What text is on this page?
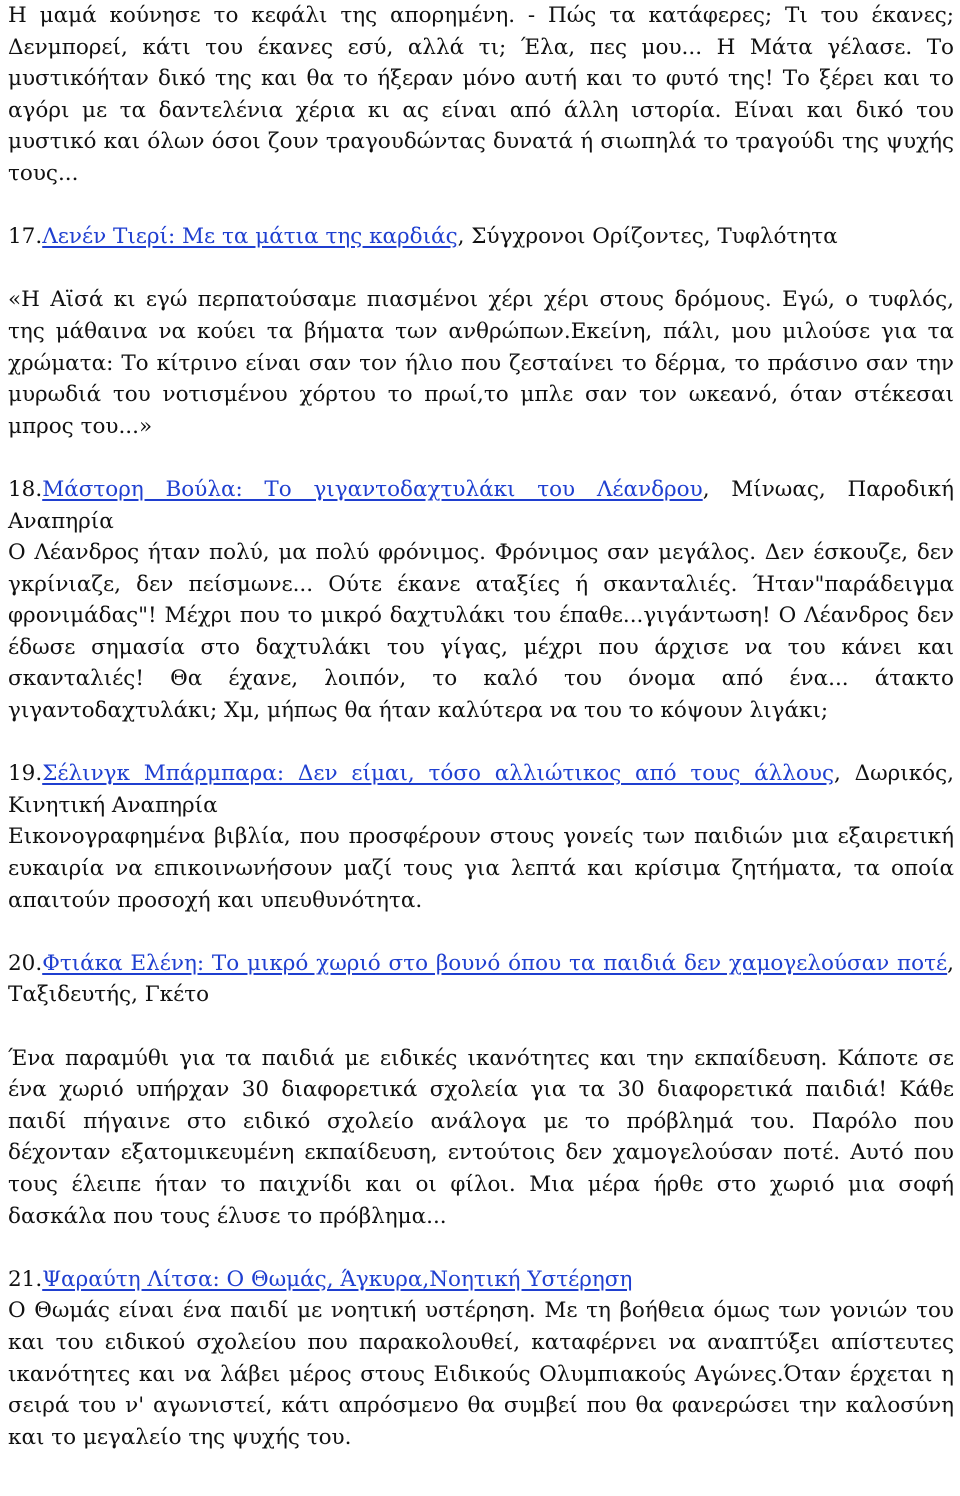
Η μαμά κούνησε το κεφάλι της απορημένη. - Πώς τα κατάφερες; Τι του έκανες; Δενμπορεί, κάτι του έκανες εσύ, αλλά τι; Έλα, πες μου... Η Μάτα γέλασε. Το μυστικόήταν δικό της και θα το ήξεραν μόνο αυτή και το φυτό της! Το ξέρει και το αγόρι με τα δαντελένια χέρια κι ας είναι από άλλη ιστορία. Είναι και δικό του μυστικό και όλων όσοι ζουν τραγουδώντας δυνατά ή σιωπηλά το τραγούδι της ψυχής τους...

17.Λενέν Τιερί: Με τα μάτια της καρδιάς, Σύγχρονοι Ορίζοντες, Τυφλότητα

«Η Αϊσά κι εγώ περπατούσαμε πιασμένοι χέρι χέρι στους δρόμους. Εγώ, ο τυφλός, της μάθαινα να κούει τα βήματα των ανθρώπων.Εκείνη, πάλι, μου μιλούσε για τα χρώματα: Το κίτρινο είναι σαν τον ήλιο που ζεσταίνει το δέρμα, το πράσινο σαν την μυρωδιά του νοτισμένου χόρτου το πρωί,το μπλε σαν τον ωκεανό, όταν στέκεσαι μπρος του...»

18.Μάστορη Βούλα: Το γιγαντοδαχτυλάκι του Λέανδρου, Μίνωας, Παροδική Αναπηρία

Ο Λέανδρος ήταν πολύ, μα πολύ φρόνιμος. Φρόνιμος σαν μεγάλος. Δεν έσκουζε, δεν γκρίνιαζε, δεν πείσμωνε... Ούτε έκανε αταξίες ή σκανταλιές. Ήταν"παράδειγμα φρονιμάδας"! Μέχρι που το μικρό δαχτυλάκι του έπαθε...γιγάντωση! Ο Λέανδρος δεν έδωσε σημασία στο δαχτυλάκι του γίγας, μέχρι που άρχισε να του κάνει και σκανταλιές! Θα έχανε, λοιπόν, το καλό του όνομα από ένα... άτακτο γιγαντοδαχτυλάκι; Χμ, μήπως θα ήταν καλύτερα να του το κόψουν λιγάκι;

19.Σέλινγκ Μπάρμπαρα: Δεν είμαι, τόσο αλλιώτικος από τους άλλους, Δωρικός, Κινητική Αναπηρία

Εικονογραφημένα βιβλία, που προσφέρουν στους γονείς των παιδιών μια εξαιρετική ευκαιρία να επικοινωνήσουν μαζί τους για λεπτά και κρίσιμα ζητήματα, τα οποία απαιτούν προσοχή και υπευθυνότητα.

20.Φτιάκα Ελένη: Το μικρό χωριό στο βουνό όπου τα παιδιά δεν χαμογελούσαν ποτέ, Ταξιδευτής, Γκέτο

Ένα παραμύθι για τα παιδιά με ειδικές ικανότητες και την εκπαίδευση. Κάποτε σε ένα χωριό υπήρχαν 30 διαφορετικά σχολεία για τα 30 διαφορετικά παιδιά! Κάθε παιδί πήγαινε στο ειδικό σχολείο ανάλογα με το πρόβλημά του. Παρόλο που δέχονταν εξατομικευμένη εκπαίδευση, εντούτοις δεν χαμογελούσαν ποτέ. Αυτό που τους έλειπε ήταν το παιχνίδι και οι φίλοι. Μια μέρα ήρθε στο χωριό μια σοφή δασκάλα που τους έλυσε το πρόβλημα...

21.Ψαραύτη Λίτσα: Ο Θωμάς, Άγκυρα,Νοητική Υστέρηση

Ο Θωμάς είναι ένα παιδί με νοητική υστέρηση. Με τη βοήθεια όμως των γονιών του και του ειδικού σχολείου που παρακολουθεί, καταφέρνει να αναπτύξει απίστευτες ικανότητες και να λάβει μέρος στους Ειδικούς Ολυμπιακούς Αγώνες.Όταν έρχεται η σειρά του ν' αγωνιστεί, κάτι απρόσμενο θα συμβεί που θα φανερώσει την καλοσύνη και το μεγαλείο της ψυχής του.
